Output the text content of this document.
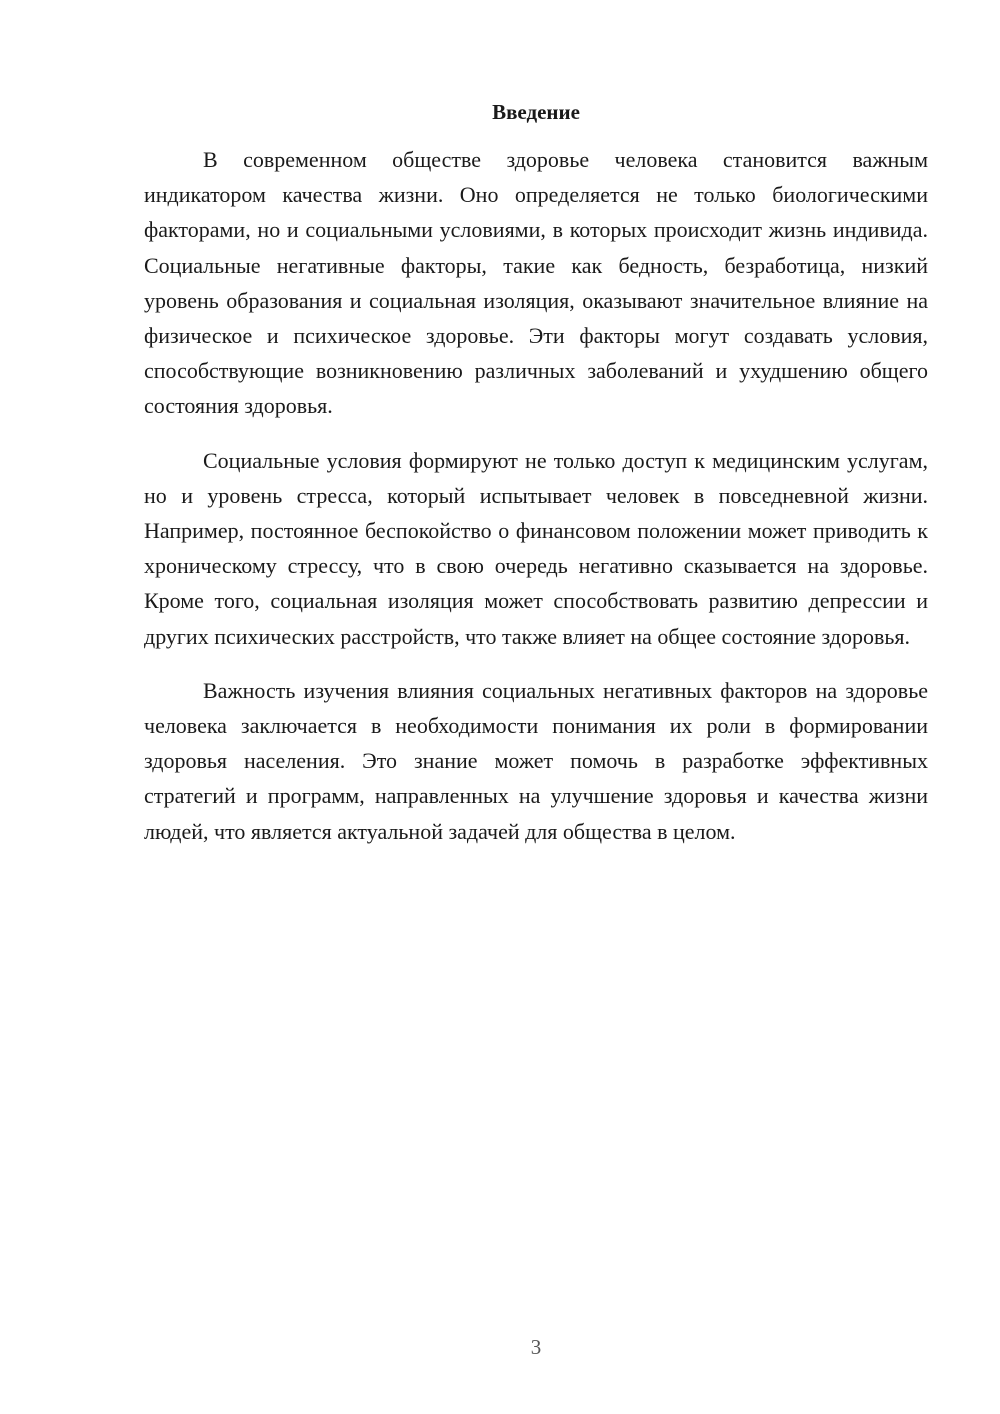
Введение

В современном обществе здоровье человека становится важным индикатором качества жизни. Оно определяется не только биологическими факторами, но и социальными условиями, в которых происходит жизнь индивида. Социальные негативные факторы, такие как бедность, безработица, низкий уровень образования и социальная изоляция, оказывают значительное влияние на физическое и психическое здоровье. Эти факторы могут создавать условия, способствующие возникновению различных заболеваний и ухудшению общего состояния здоровья.

Социальные условия формируют не только доступ к медицинским услугам, но и уровень стресса, который испытывает человек в повседневной жизни. Например, постоянное беспокойство о финансовом положении может приводить к хроническому стрессу, что в свою очередь негативно сказывается на здоровье. Кроме того, социальная изоляция может способствовать развитию депрессии и других психических расстройств, что также влияет на общее состояние здоровья.

Важность изучения влияния социальных негативных факторов на здоровье человека заключается в необходимости понимания их роли в формировании здоровья населения. Это знание может помочь в разработке эффективных стратегий и программ, направленных на улучшение здоровья и качества жизни людей, что является актуальной задачей для общества в целом.

3
